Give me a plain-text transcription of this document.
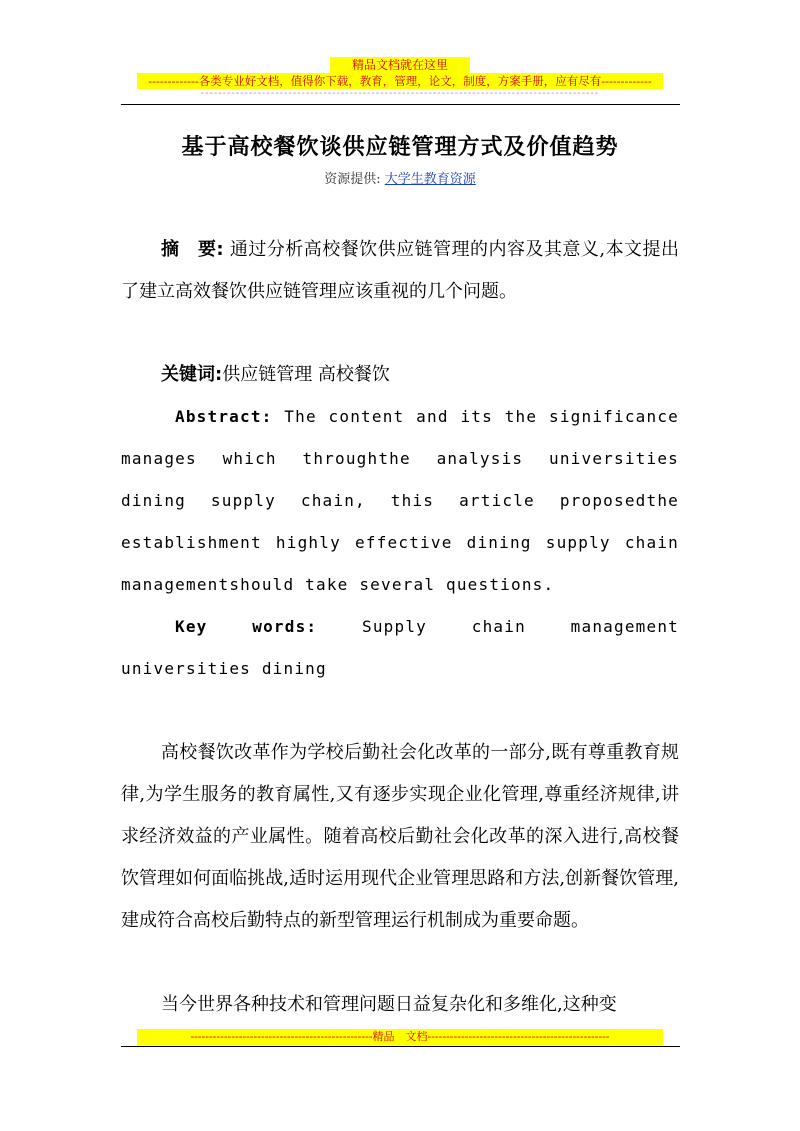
精品文档就在这里
-------------各类专业好文档，值得你下载，教育，管理，论文，制度，方案手册，应有尽有-------------
-------------------------------------------------------------------------------------------
基于高校餐饮谈供应链管理方式及价值趋势
资源提供: 大学生教育资源
摘　要: 通过分析高校餐饮供应链管理的内容及其意义,本文提出了建立高效餐饮供应链管理应该重视的几个问题。
关键词:供应链管理 高校餐饮
Abstract: The content and its the significance manages which throughthe analysis universities dining supply chain, this article proposedthe establishment highly effective dining supply chain managementshould take several questions.
Key words: Supply chain management universities dining
高校餐饮改革作为学校后勤社会化改革的一部分,既有尊重教育规律,为学生服务的教育属性,又有逐步实现企业化管理,尊重经济规律,讲求经济效益的产业属性。随着高校后勤社会化改革的深入进行,高校餐饮管理如何面临挑战,适时运用现代企业管理思路和方法,创新餐饮管理,建成符合高校后勤特点的新型管理运行机制成为重要命题。
当今世界各种技术和管理问题日益复杂化和多维化,这种变
-------------------------------------------------精品　文档-------------------------------------------------
